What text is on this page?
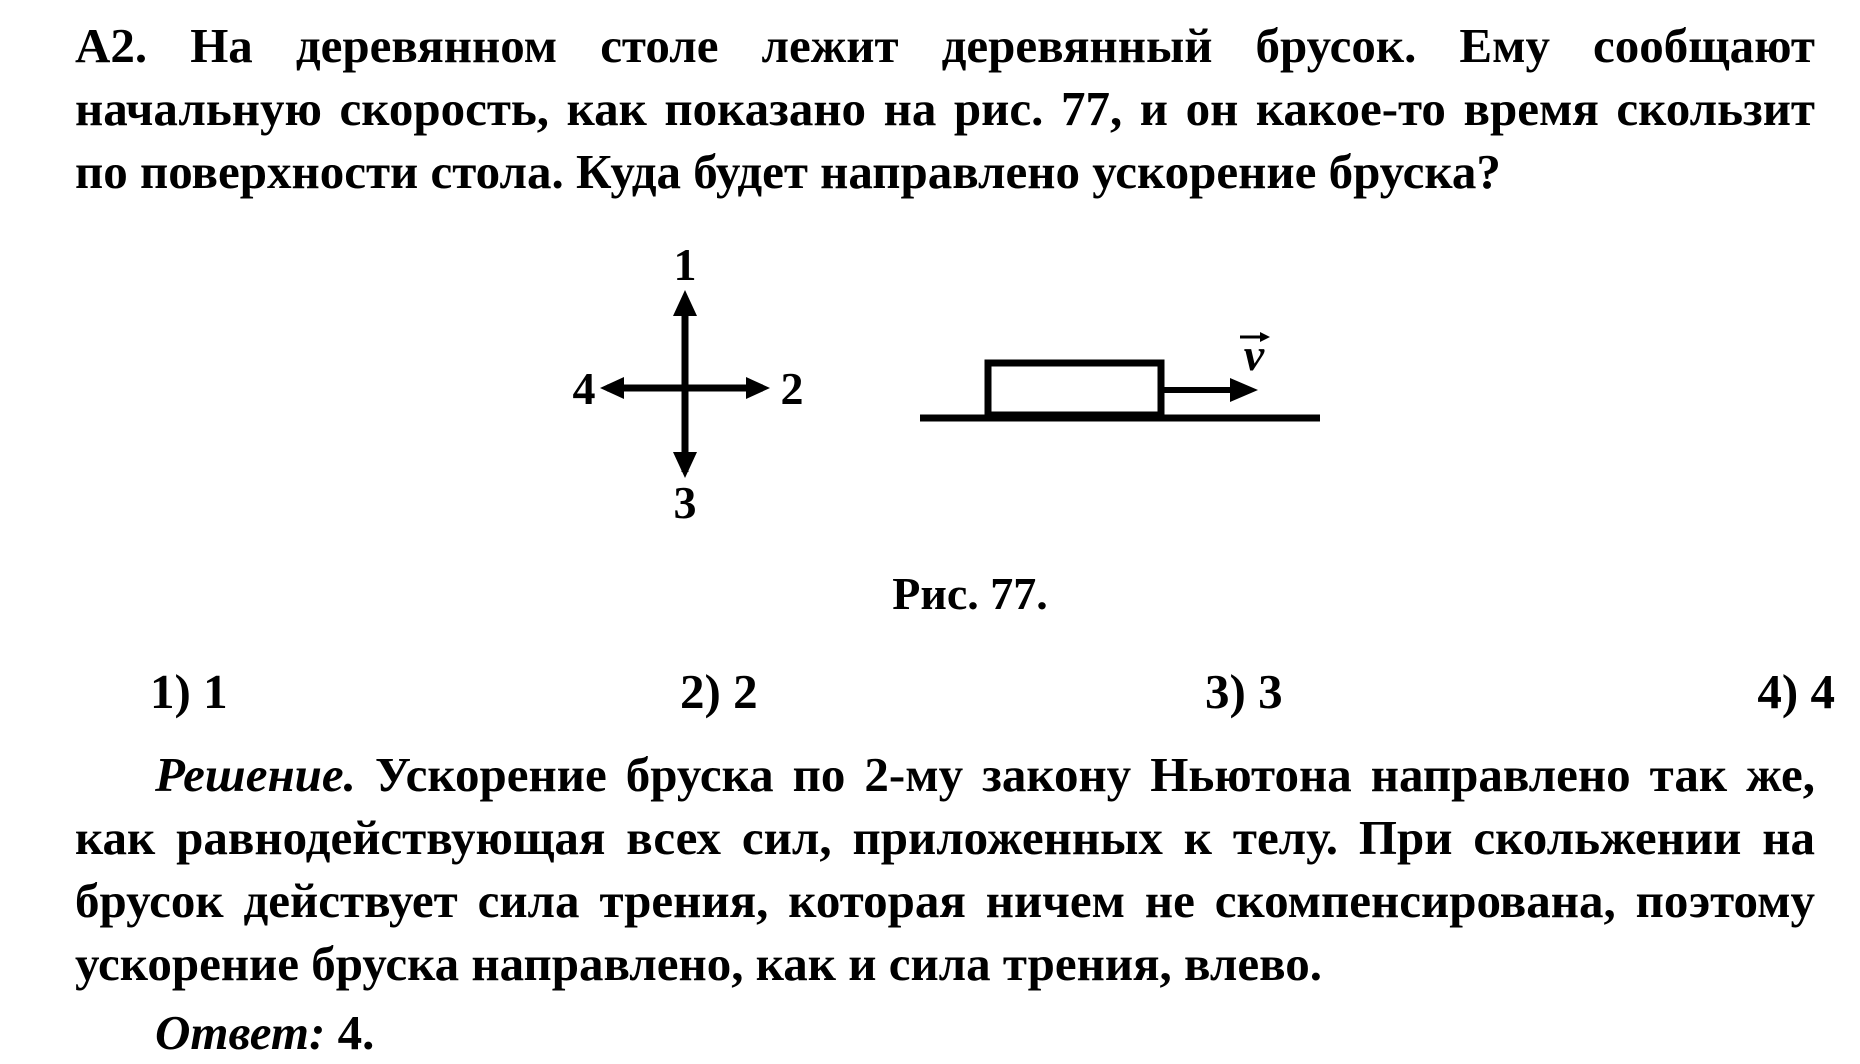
А2. На деревянном столе лежит деревянный брусок. Ему сообщают начальную скорость, как показано на рис. 77, и он какое-то время скользит по поверхности стола. Куда будет направлено ускорение бруска?
1
2
3
4
v
Рис. 77.
1) 1	2) 2	3) 3	4) 4
Решение. Ускорение бруска по 2-му закону Ньютона направлено так же, как равнодействующая всех сил, приложенных к телу. При скольжении на брусок действует сила трения, которая ничем не скомпенсирована, поэтому ускорение бруска направлено, как и сила трения, влево.
Ответ: 4.
